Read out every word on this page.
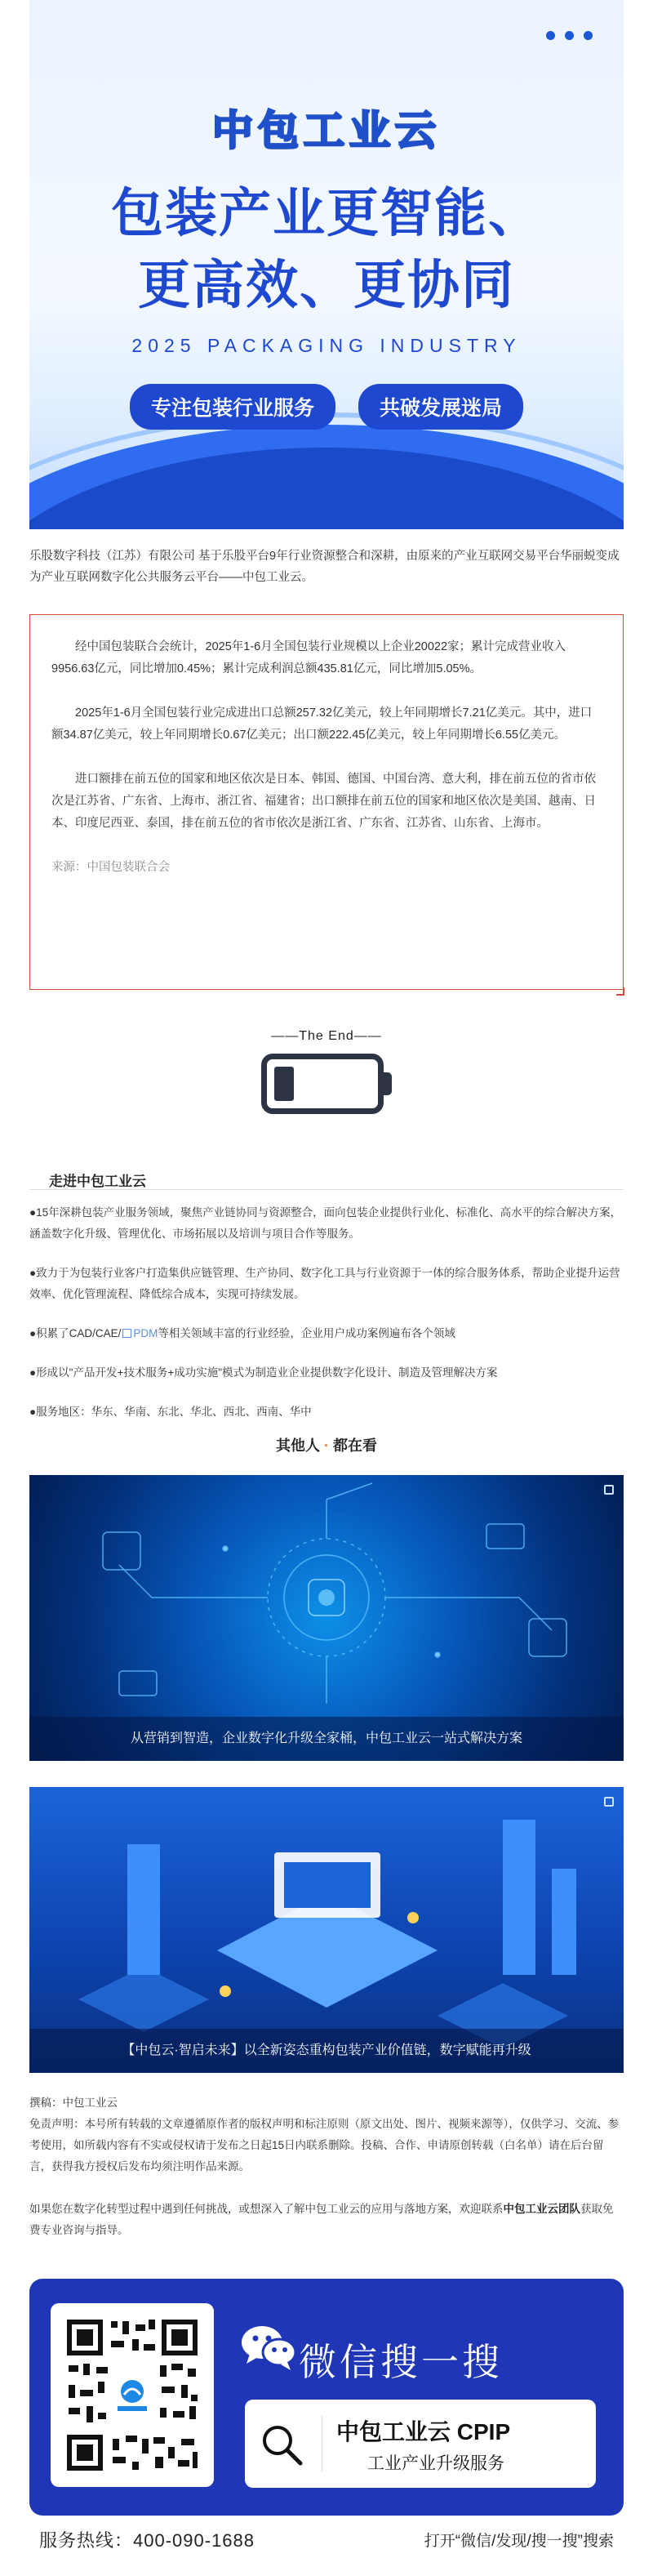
中包工业云
包装产业更智能、
更高效、更协同
2025 PACKAGING INDUSTRY
专注包装行业服务	共破发展迷局
乐股数字科技（江苏）有限公司 基于乐股平台9年行业资源整合和深耕，由原来的产业互联网交易平台华丽蜕变成为产业互联网数字化公共服务云平台——中包工业云。

经中国包装联合会统计，2025年1-6月全国包装行业规模以上企业20022家；累计完成营业收入9956.63亿元，同比增加0.45%；累计完成利润总额435.81亿元，同比增加5.05%。

2025年1-6月全国包装行业完成进出口总额257.32亿美元，较上年同期增长7.21亿美元。其中，进口额34.87亿美元，较上年同期增长0.67亿美元；出口额222.45亿美元，较上年同期增长6.55亿美元。

进口额排在前五位的国家和地区依次是日本、韩国、德国、中国台湾、意大利，排在前五位的省市依次是江苏省、广东省、上海市、浙江省、福建省；出口额排在前五位的国家和地区依次是美国、越南、日本、印度尼西亚、泰国，排在前五位的省市依次是浙江省、广东省、江苏省、山东省、上海市。

来源：中国包装联合会

——The End——
走进中包工业云
●15年深耕包装产业服务领域，聚焦产业链协同与资源整合，面向包装企业提供行业化、标准化、高水平的综合解决方案，涵盖数字化升级、管理优化、市场拓展以及培训与项目合作等服务。
●致力于为包装行业客户打造集供应链管理、生产协同、数字化工具与行业资源于一体的综合服务体系，帮助企业提升运营效率、优化管理流程、降低综合成本，实现可持续发展。
●积累了CAD/CAE/ PDM等相关领域丰富的行业经验，企业用户成功案例遍布各个领域
●形成以"产品开发+技术服务+成功实施"模式为制造业企业提供数字化设计、制造及管理解决方案
●服务地区：华东、华南、东北、华北、西北、西南、华中
其他人 · 都在看
从营销到智造，企业数字化升级全家桶，中包工业云一站式解决方案
【中包云·智启未来】以全新姿态重构包装产业价值链，数字赋能再升级
撰稿：中包工业云
免责声明：本号所有转载的文章遵循原作者的版权声明和标注原则（原文出处、图片、视频来源等），仅供学习、交流、参考使用，如所载内容有不实或侵权请于发布之日起15日内联系删除。投稿、合作、申请原创转载（白名单）请在后台留言，获得我方授权后发布均须注明作品来源。
如果您在数字化转型过程中遇到任何挑战，或想深入了解中包工业云的应用与落地方案，欢迎联系中包工业云团队获取免费专业咨询与指导。
微信搜一搜
中包工业云 CPIP
工业产业升级服务
服务热线：400-090-1688	打开“微信/发现/搜一搜”搜索
